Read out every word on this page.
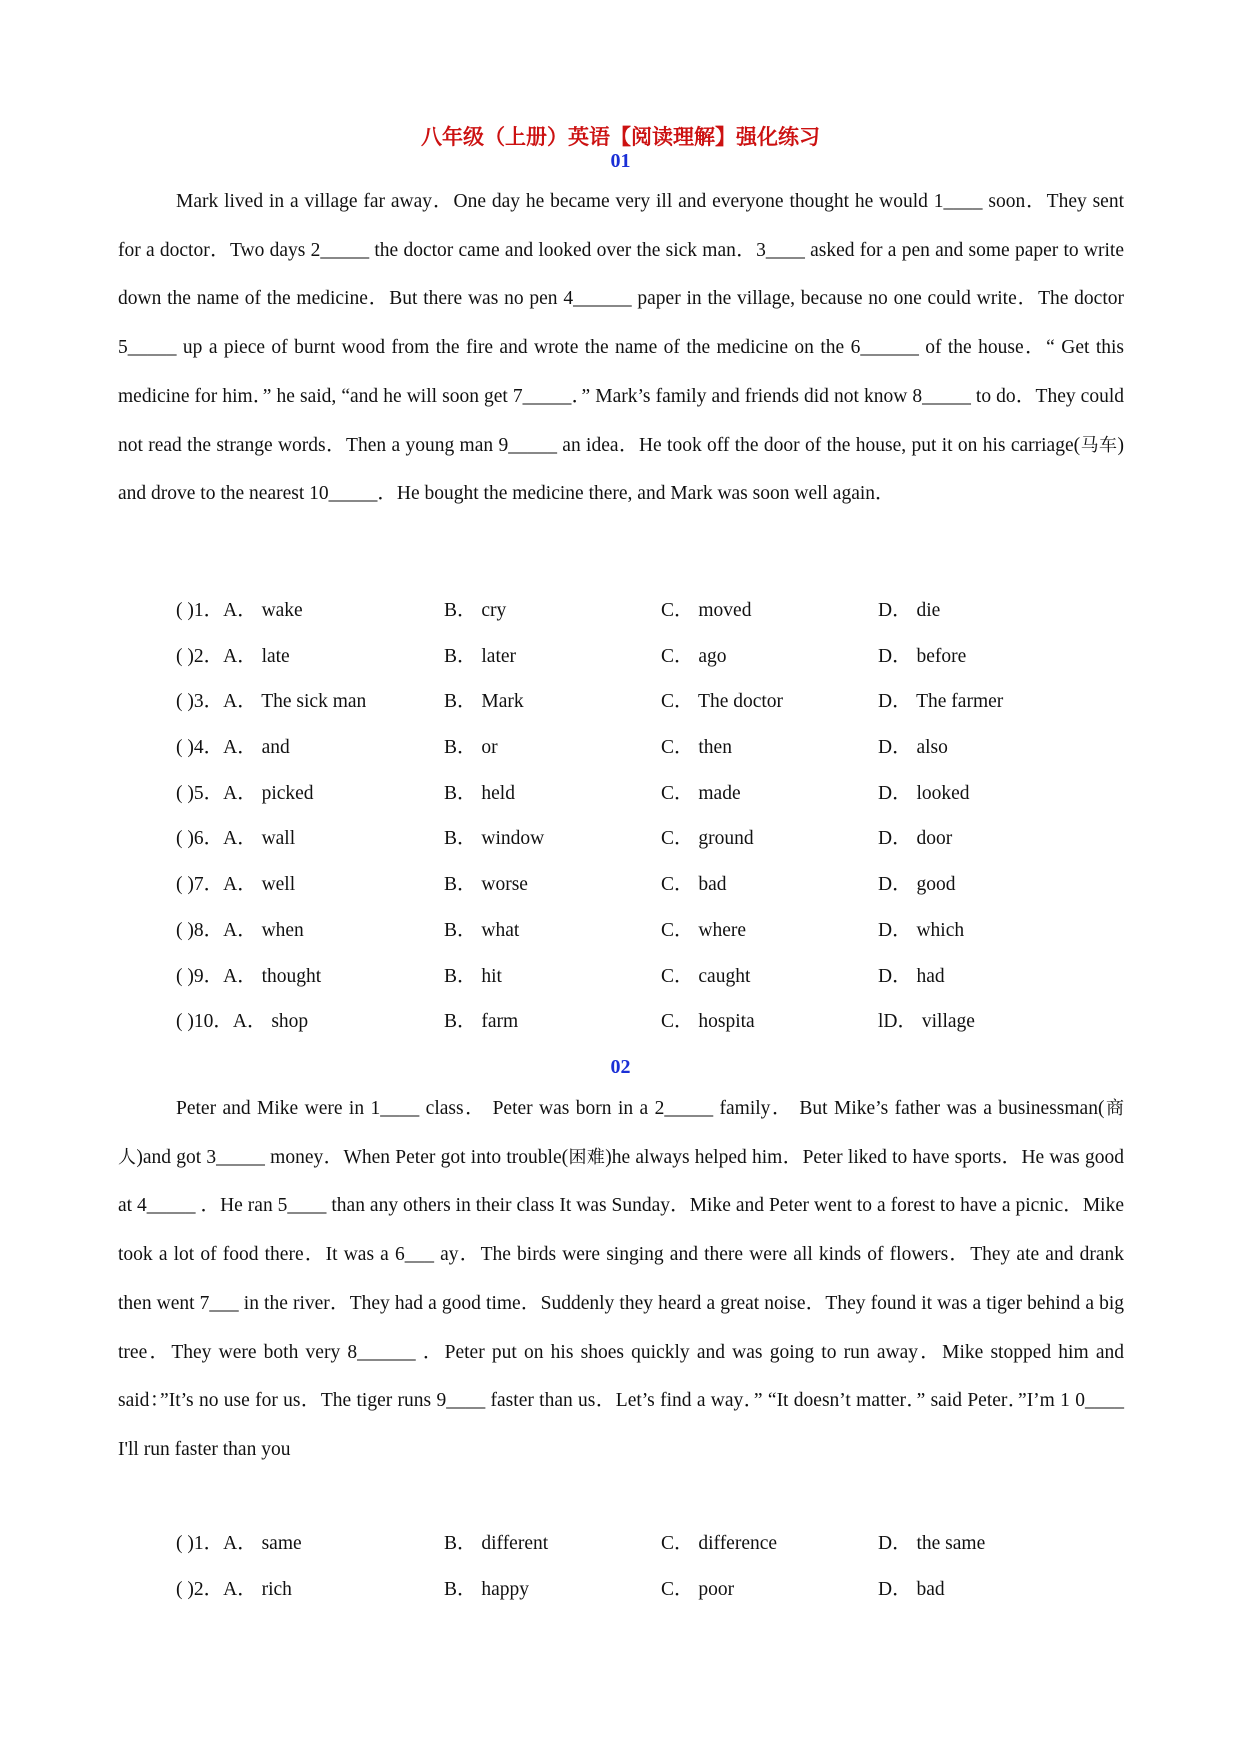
八年级（上册）英语【阅读理解】强化练习
01

Mark lived in a village far away．One day he became very ill and everyone thought he would 1____ soon．They sent for a doctor．Two days 2_____ the doctor came and looked over the sick man．3____ asked for a pen and some paper to write down the name of the medicine．But there was no pen 4______ paper in the village, because no one could write．The doctor 5_____ up a piece of burnt wood from the fire and wrote the name of the medicine on the 6______ of the house．“ Get this medicine for him．” he said, “and he will soon get 7_____．” Mark’s family and friends did not know 8_____ to do．They could not read the strange words．Then a young man 9_____ an idea．He took off the door of the house, put it on his carriage(马车) and drove to the nearest 10_____．He bought the medicine there, and Mark was soon well again．

( )1．A． wake	B． cry	C． moved	D． die
( )2．A． late	B． later	C． ago	D． before
( )3．A． The sick man	B． Mark	C． The doctor	D． The farmer
( )4．A． and	B． or	C． then	D． also
( )5．A． picked	B． held	C． made	D． looked
( )6．A． wall	B． window	C． ground	D． door
( )7．A． well	B． worse	C． bad	D． good
( )8．A． when	B． what	C． where	D． which
( )9．A． thought	B． hit	C． caught	D． had
( )10．A． shop	B． farm	C． hospita	lD． village
02

Peter and Mike were in 1____ class． Peter was born in a 2_____ family． But Mike’s father was a businessman(商人)and got 3_____ money．When Peter got into trouble(困难)he always helped him．Peter liked to have sports．He was good at 4_____ ．He ran 5____ than any others in their class It was Sunday．Mike and Peter went to a forest to have a picnic．Mike took a lot of food there．It was a 6___ ay．The birds were singing and there were all kinds of flowers．They ate and drank then went 7___ in the river．They had a good time．Suddenly they heard a great noise．They found it was a tiger behind a big tree．They were both very 8______ ．Peter put on his shoes quickly and was going to run away．Mike stopped him and said：”It’s no use for us．The tiger runs 9____ faster than us．Let’s find a way．” “It doesn’t matter．” said Peter．”I’m 1 0____ I'll run faster than you

( )1．A． same	B． different	C． difference	D． the same
( )2．A． rich	B． happy	C． poor	D． bad
